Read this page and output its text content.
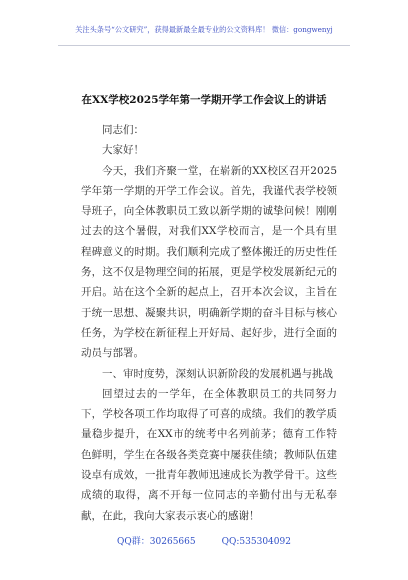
关注头条号“公文研究”，获得最新最全最专业的公文资料库！ 微信：gongwenyj
在XX学校2025学年第一学期开学工作会议上的讲话

同志们：

大家好！

今天，我们齐聚一堂，在崭新的XX校区召开2025学年第一学期的开学工作会议。首先，我谨代表学校领导班子，向全体教职员工致以新学期的诚挚问候！刚刚过去的这个暑假，对我们XX学校而言，是一个具有里程碑意义的时期。我们顺利完成了整体搬迁的历史性任务，这不仅是物理空间的拓展，更是学校发展新纪元的开启。站在这个全新的起点上，召开本次会议，主旨在于统一思想、凝聚共识，明确新学期的奋斗目标与核心任务，为学校在新征程上开好局、起好步，进行全面的动员与部署。

一、审时度势，深刻认识新阶段的发展机遇与挑战

回望过去的一学年，在全体教职员工的共同努力下，学校各项工作均取得了可喜的成绩。我们的教学质量稳步提升，在XX市的统考中名列前茅；德育工作特色鲜明，学生在各级各类竞赛中屡获佳绩；教师队伍建设卓有成效，一批青年教师迅速成长为教学骨干。这些成绩的取得，离不开每一位同志的辛勤付出与无私奉献，在此，我向大家表示衷心的感谢！

QQ群：30265665	QQ:535304092
